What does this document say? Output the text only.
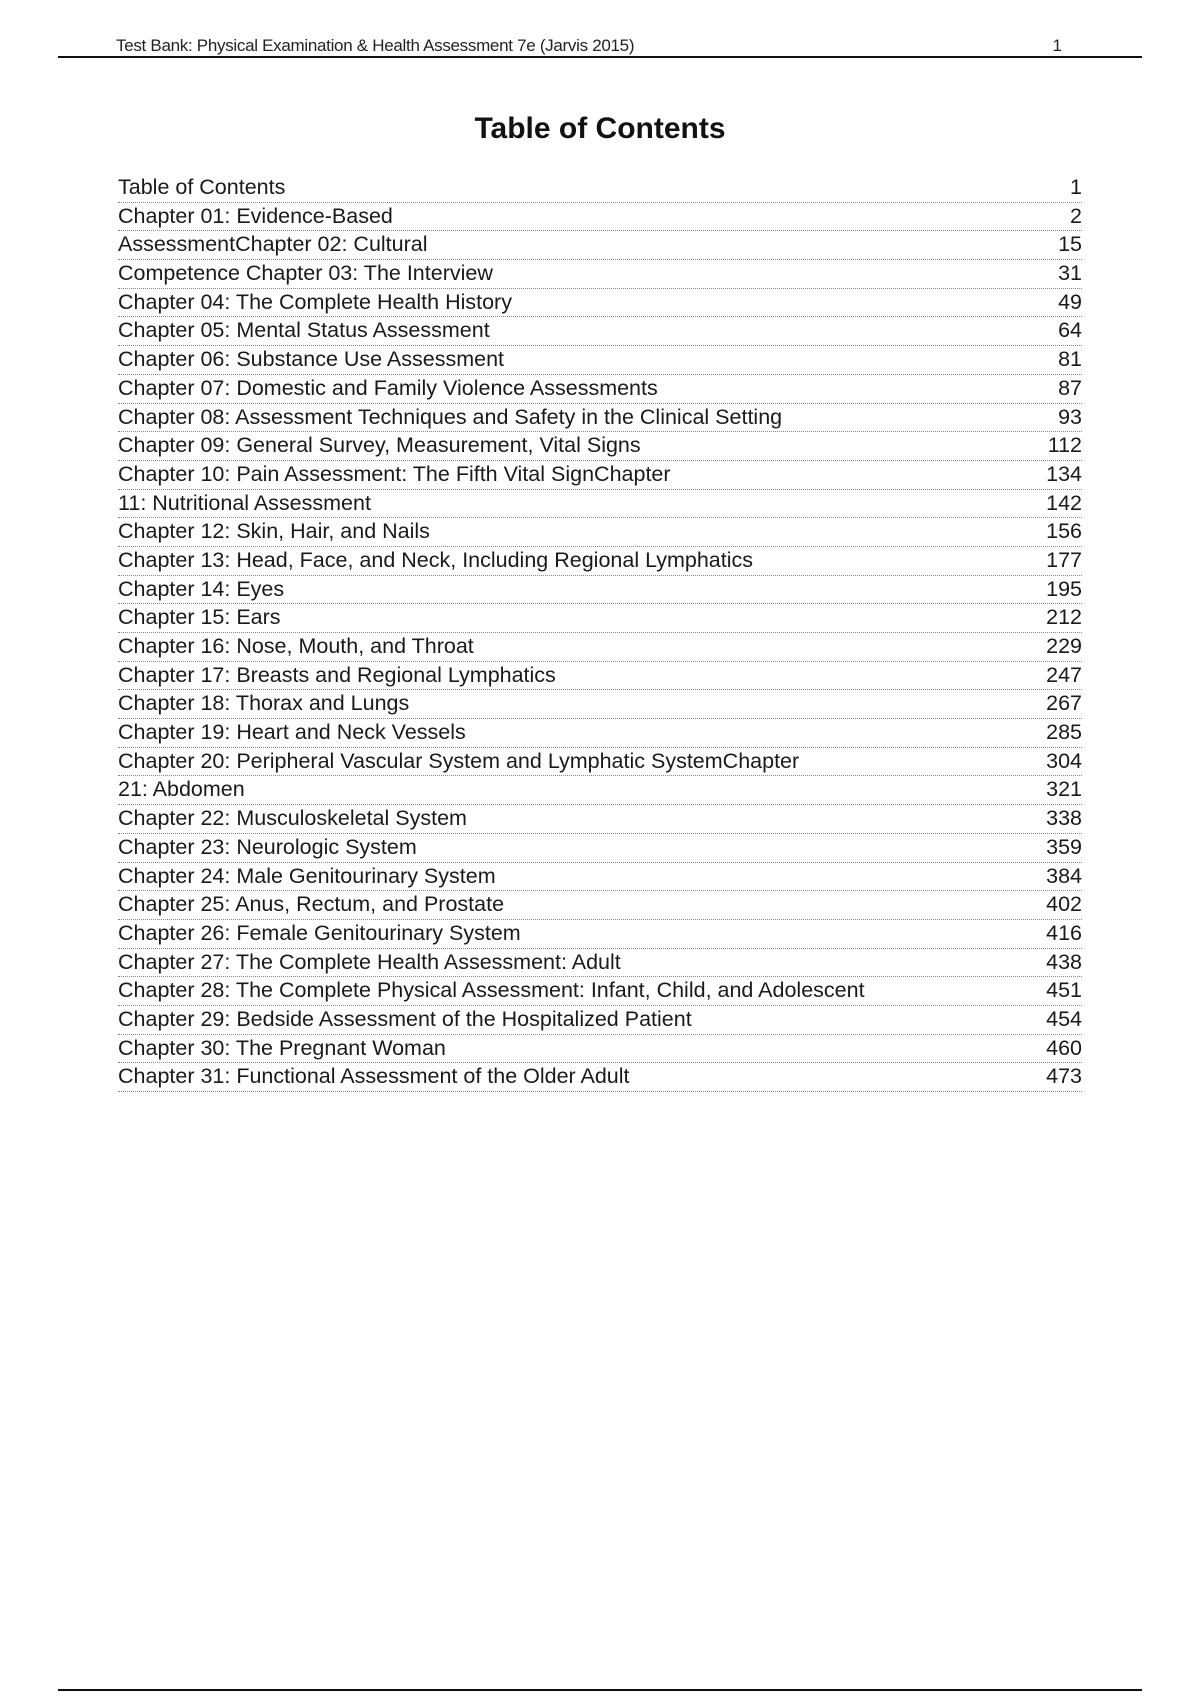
Test Bank: Physical Examination & Health Assessment 7e (Jarvis 2015)	1
Table of Contents
Table of Contents	1
Chapter 01: Evidence-Based	2
AssessmentChapter 02: Cultural	15
Competence Chapter 03: The Interview	31
Chapter 04: The Complete Health History	49
Chapter 05: Mental Status Assessment	64
Chapter 06: Substance Use Assessment	81
Chapter 07: Domestic and Family Violence Assessments	87
Chapter 08: Assessment Techniques and Safety in the Clinical Setting	93
Chapter 09: General Survey, Measurement, Vital Signs	112
Chapter 10: Pain Assessment: The Fifth Vital SignChapter	134
11: Nutritional Assessment	142
Chapter 12: Skin, Hair, and Nails	156
Chapter 13: Head, Face, and Neck, Including Regional Lymphatics	177
Chapter 14: Eyes	195
Chapter 15: Ears	212
Chapter 16: Nose, Mouth, and Throat	229
Chapter 17: Breasts and Regional Lymphatics	247
Chapter 18: Thorax and Lungs	267
Chapter 19: Heart and Neck Vessels	285
Chapter 20: Peripheral Vascular System and Lymphatic SystemChapter	304
21: Abdomen	321
Chapter 22: Musculoskeletal System	338
Chapter 23: Neurologic System	359
Chapter 24: Male Genitourinary System	384
Chapter 25: Anus, Rectum, and Prostate	402
Chapter 26: Female Genitourinary System	416
Chapter 27: The Complete Health Assessment: Adult	438
Chapter 28: The Complete Physical Assessment: Infant, Child, and Adolescent	451
Chapter 29: Bedside Assessment of the Hospitalized Patient	454
Chapter 30: The Pregnant Woman	460
Chapter 31: Functional Assessment of the Older Adult	473
